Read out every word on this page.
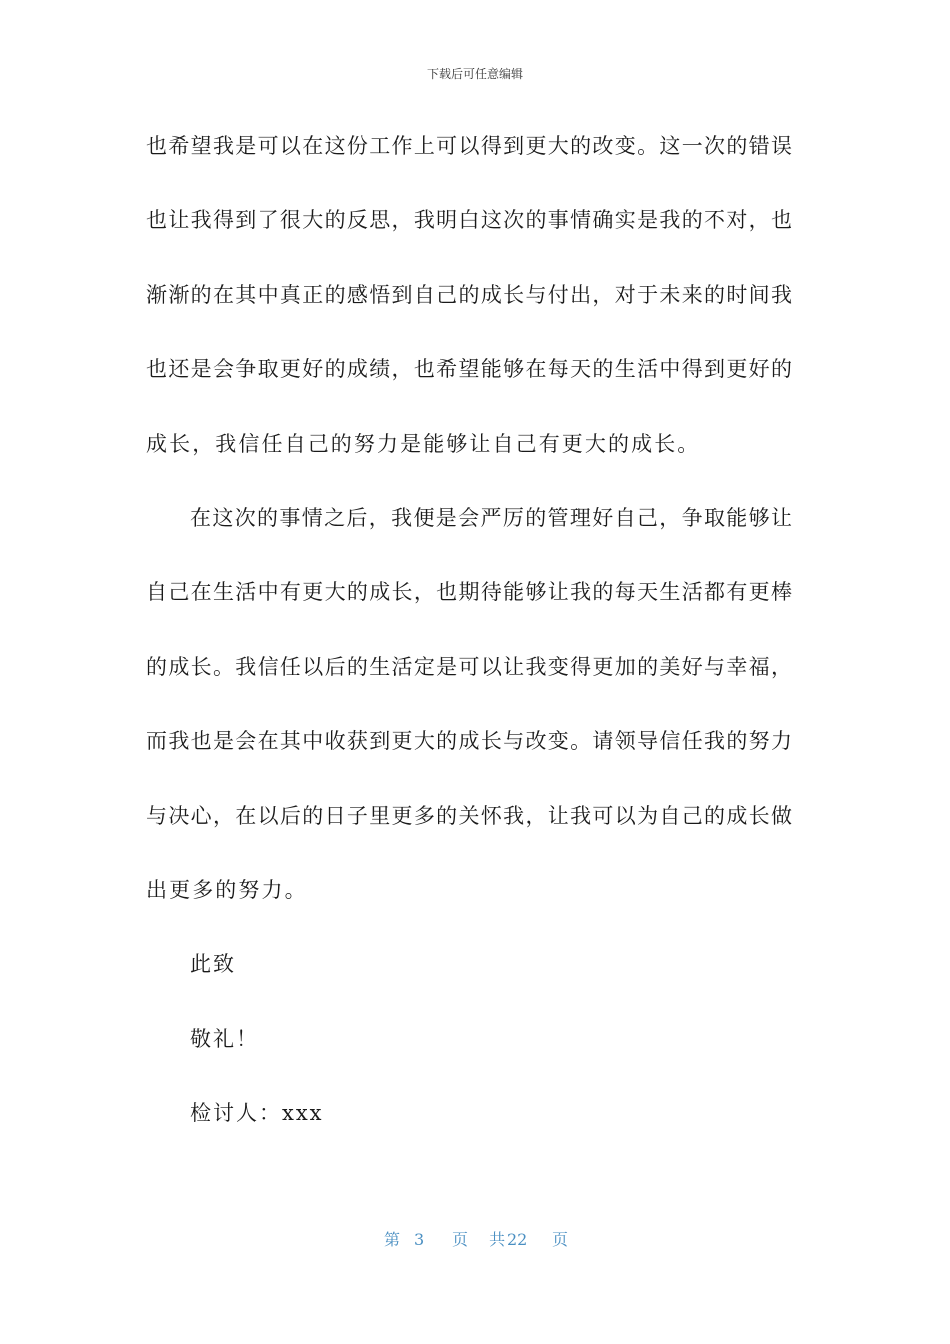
下载后可任意编辑
也希望我是可以在这份工作上可以得到更大的改变。这一次的错误
也让我得到了很大的反思，我明白这次的事情确实是我的不对，也
渐渐的在其中真正的感悟到自己的成长与付出，对于未来的时间我
也还是会争取更好的成绩，也希望能够在每天的生活中得到更好的
成长，我信任自己的努力是能够让自己有更大的成长。
在这次的事情之后，我便是会严厉的管理好自己，争取能够让
自己在生活中有更大的成长，也期待能够让我的每天生活都有更棒
的成长。我信任以后的生活定是可以让我变得更加的美好与幸福，
而我也是会在其中收获到更大的成长与改变。请领导信任我的努力
与决心，在以后的日子里更多的关怀我，让我可以为自己的成长做
出更多的努力。
此致
敬礼！
检讨人：xxx
第 3 页 共
22 页
